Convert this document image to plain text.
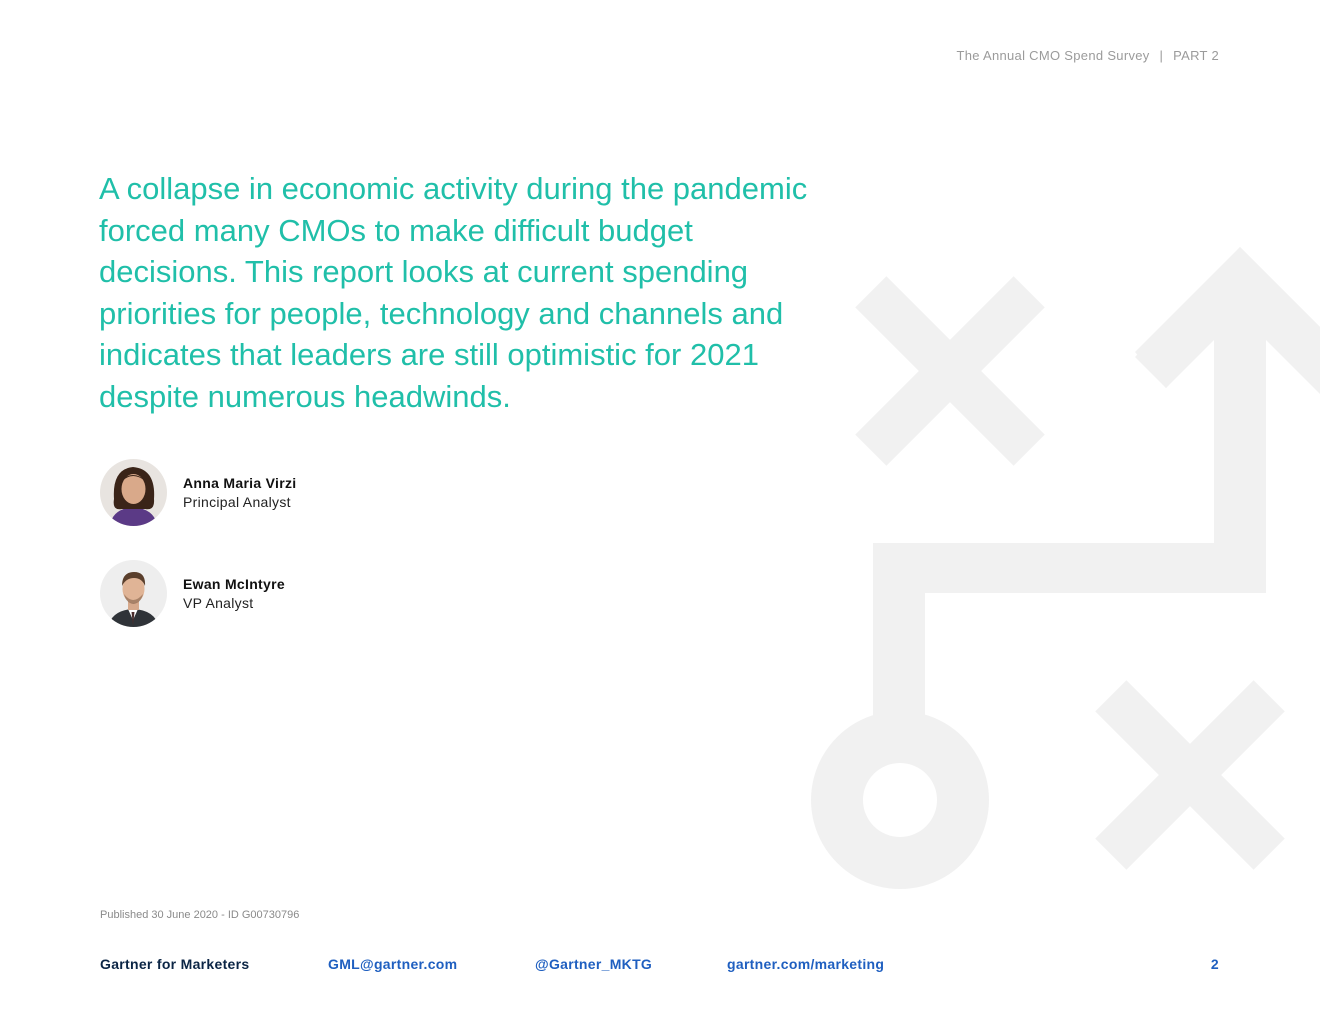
The Annual CMO Spend Survey | PART 2

A collapse in economic activity during the pandemic forced many CMOs to make difficult budget decisions. This report looks at current spending priorities for people, technology and channels and indicates that leaders are still optimistic for 2021 despite numerous headwinds.

Anna Maria Virzi
Principal Analyst
Ewan McIntyre
VP Analyst
Published 30 June 2020 - ID G00730796
Gartner for Marketers	GML@gartner.com	@Gartner_MKTG	gartner.com/marketing	2
